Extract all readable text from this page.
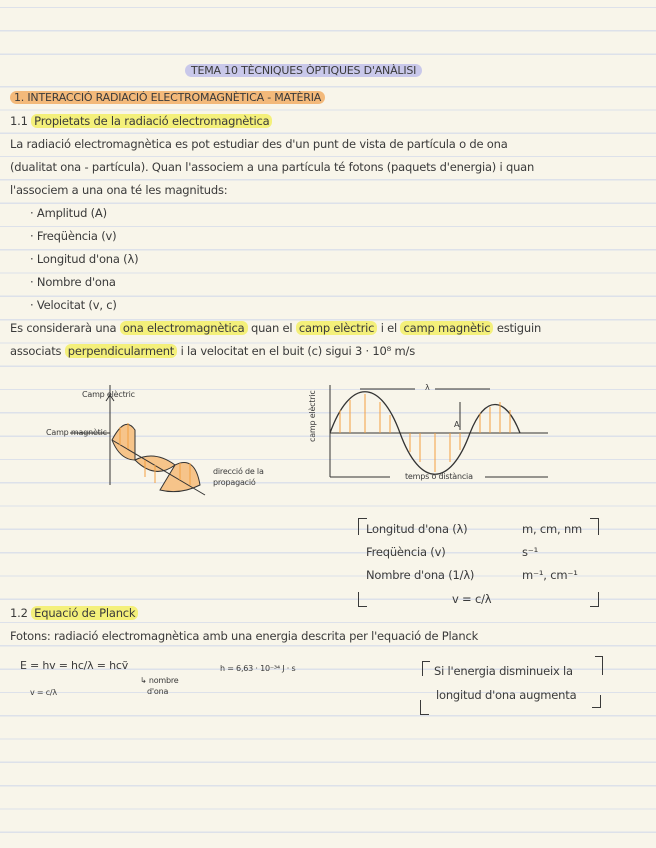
TEMA 10 TÈCNIQUES ÒPTIQUES D'ANÀLISI
1. INTERACCIÓ RADIACIÓ ELECTROMAGNÈTICA - MATÈRIA
1.1 Propietats de la radiació electromagnètica
La radiació electromagnètica es pot estudiar des d'un punt de vista de partícula o de ona
(dualitat ona - partícula). Quan l'associem a una partícula té fotons (paquets d'energia) i quan
l'associem a una ona té les magnituds:
· Amplitud (A)
· Freqüència (v)
· Longitud d'ona (λ)
· Nombre d'ona
· Velocitat (v, c)
Es considerarà una ona electromagnètica quan el camp elèctric i el camp magnètic estiguin
associats perpendicularment i la velocitat en el buit (c) sigui 3 · 10⁸ m/s
Camp elèctric
Camp magnètic
direcció de la
propagació
λ
A
camp elèctric
temps o distància
Longitud d'ona (λ)	m, cm, nm
Freqüència (v)	s⁻¹
Nombre d'ona (1/λ)	m⁻¹, cm⁻¹
v = c/λ
1.2 Equació de Planck
Fotons: radiació electromagnètica amb una energia descrita per l'equació de Planck
E = hv = hc/λ = hcṽ
v = c/λ
↳ nombre
d'ona
h = 6,63 · 10⁻³⁴ J · s	Si l'energia disminueix la
longitud d'ona augmenta
